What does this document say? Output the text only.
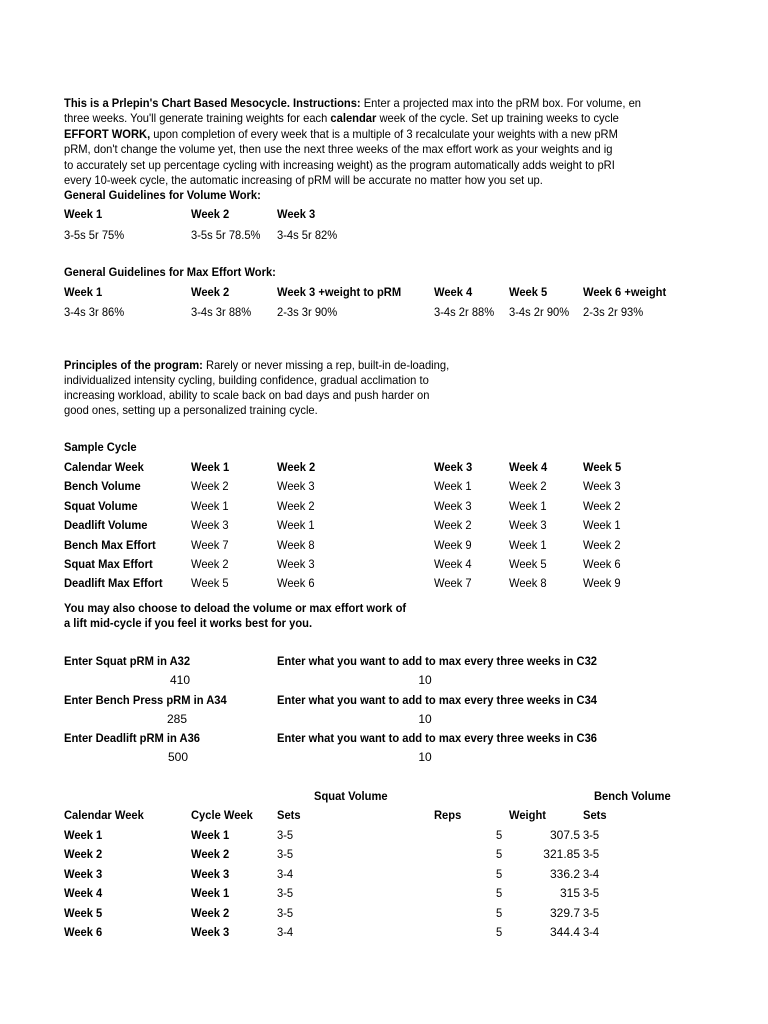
This is a Prlepin's Chart Based Mesocycle. Instructions: Enter a projected max into the pRM box. For volume, en
three weeks. You'll generate training weights for each calendar week of the cycle. Set up training weeks to cycle
EFFORT WORK, upon completion of every week that is a multiple of 3 recalculate your weights with a new pRM
pRM, don't change the volume yet, then use the next three weeks of the max effort work as your weights and ig
to accurately set up percentage cycling with increasing weight) as the program automatically adds weight to pRI
every 10-week cycle, the automatic increasing of pRM will be accurate no matter how you set up.
General Guidelines for Volume Work:
Week 1	Week 2	Week 3
3-5s 5r 75%	3-5s 5r 78.5% 3-4s 5r 82%
General Guidelines for Max Effort Work:
Week 1	Week 2	Week 3 +weight to pRM	Week 4	Week 5	Week 6 +weight
3-4s 3r 86%	3-4s 3r 88% 2-3s 3r 90%	3-4s 2r 88% 3-4s 2r 90% 2-3s 2r 93%
Principles of the program: Rarely or never missing a rep, built-in de-loading,
individualized intensity cycling, building confidence, gradual acclimation to
increasing workload, ability to scale back on bad days and push harder on
good ones, setting up a personalized training cycle.
Sample Cycle
Calendar Week	Week 1	Week 2	Week 3	Week 4	Week 5
Bench Volume	Week 2	Week 3	Week 1	Week 2	Week 3
Squat Volume	Week 1	Week 2	Week 3	Week 1	Week 2
Deadlift Volume	Week 3	Week 1	Week 2	Week 3	Week 1
Bench Max Effort	Week 7	Week 8	Week 9	Week 1	Week 2
Squat Max Effort	Week 2	Week 3	Week 4	Week 5	Week 6
Deadlift Max Effort Week 5	Week 6	Week 7	Week 8	Week 9
You may also choose to deload the volume or max effort work of
a lift mid-cycle if you feel it works best for you.
Enter Squat pRM in A32	Enter what you want to add to max every three weeks in C32
410	10
Enter Bench Press pRM in A34	Enter what you want to add to max every three weeks in C34
285	10
Enter Deadlift pRM in A36	Enter what you want to add to max every three weeks in C36
500	10
Squat Volume	Bench Volume
Calendar Week	Cycle Week Sets	Reps	Weight	Sets
Week 1	Week 1	3-5	5	307.5 3-5
Week 2	Week 2	3-5	5	321.85 3-5
Week 3	Week 3	3-4	5	336.2 3-4
Week 4	Week 1	3-5	5	315 3-5
Week 5	Week 2	3-5	5	329.7 3-5
Week 6	Week 3	3-4	5	344.4 3-4
